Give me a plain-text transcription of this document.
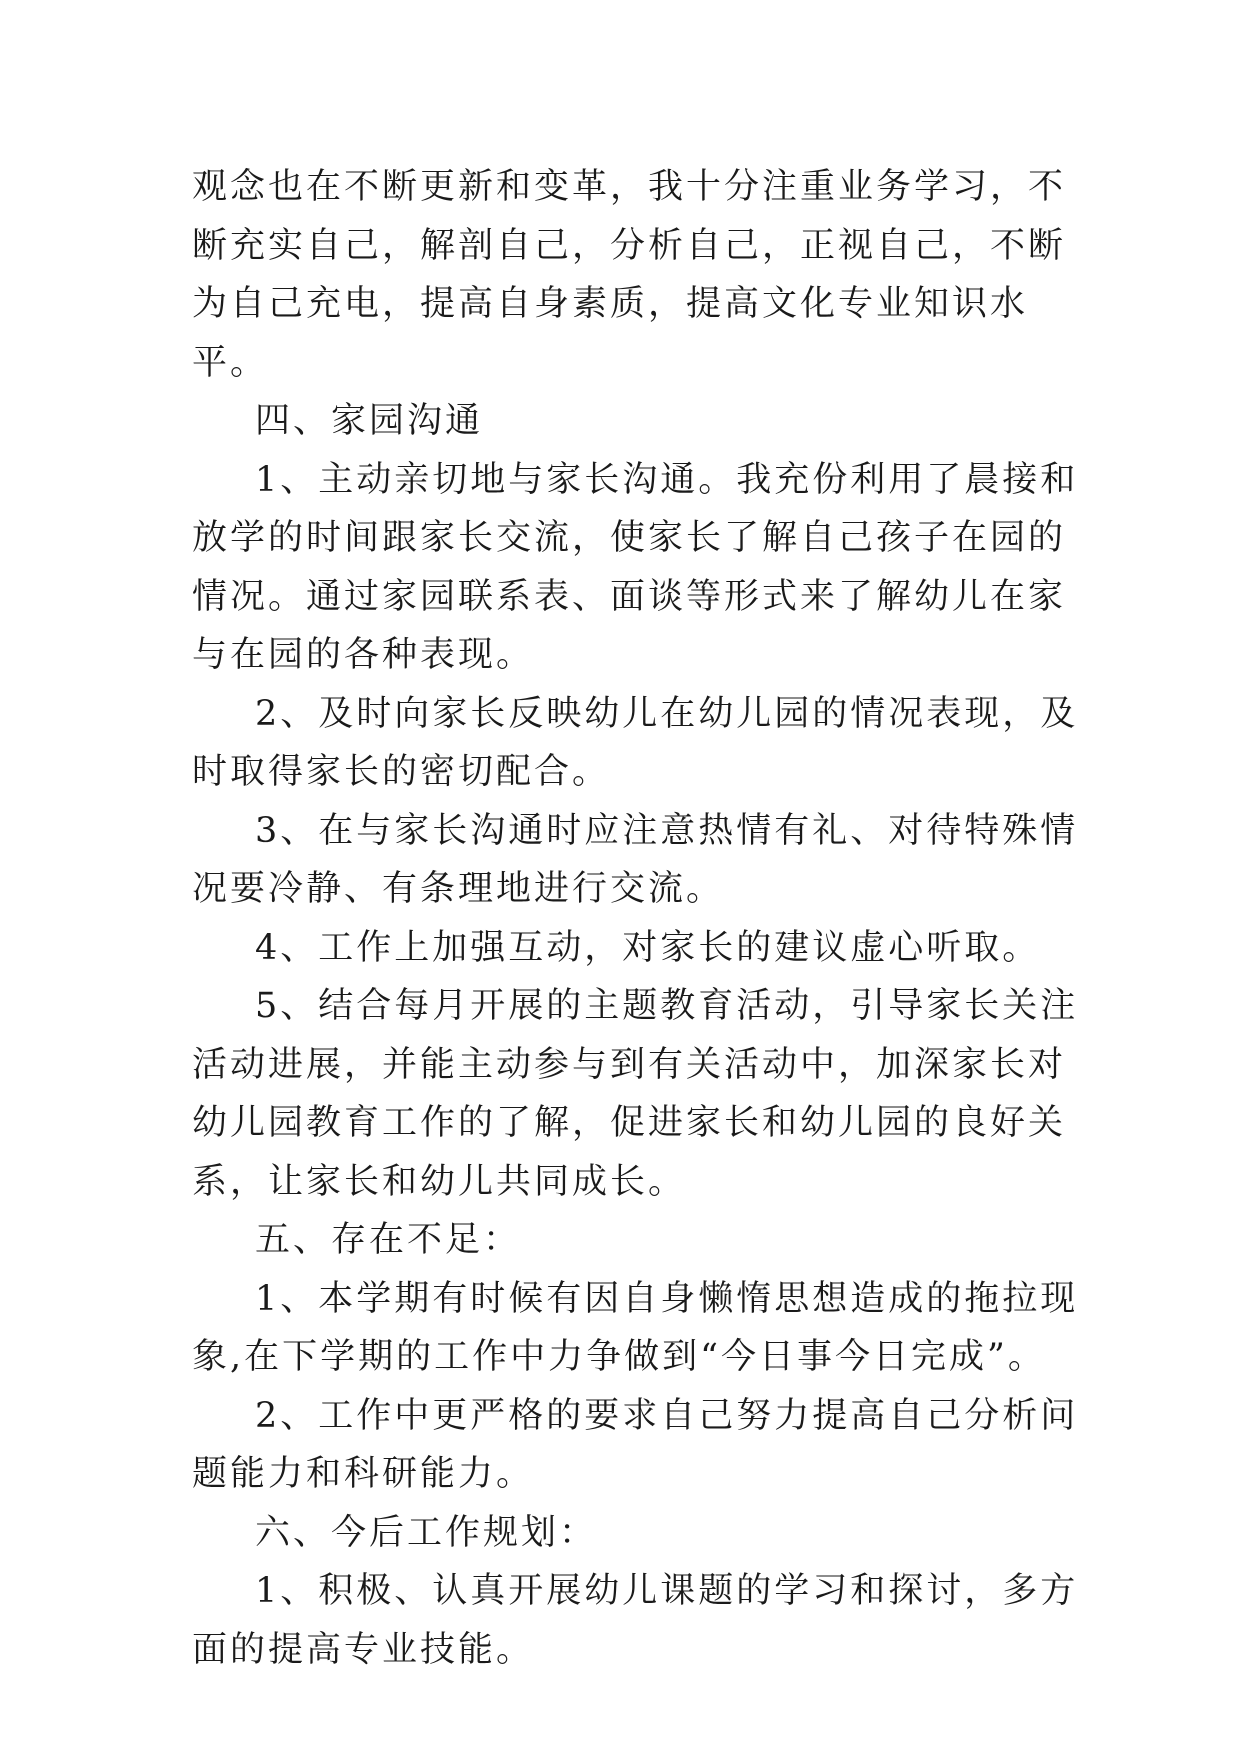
观念也在不断更新和变革，我十分注重业务学习，不断充实自己，解剖自己，分析自己，正视自己，不断为自己充电，提高自身素质，提高文化专业知识水平。

四、家园沟通

1、主动亲切地与家长沟通。我充份利用了晨接和放学的时间跟家长交流，使家长了解自己孩子在园的情况。通过家园联系表、面谈等形式来了解幼儿在家与在园的各种表现。

2、及时向家长反映幼儿在幼儿园的情况表现，及时取得家长的密切配合。

3、在与家长沟通时应注意热情有礼、对待特殊情况要冷静、有条理地进行交流。

4、工作上加强互动，对家长的建议虚心听取。

5、结合每月开展的主题教育活动，引导家长关注活动进展，并能主动参与到有关活动中，加深家长对幼儿园教育工作的了解，促进家长和幼儿园的良好关系，让家长和幼儿共同成长。

五、存在不足：

1、本学期有时候有因自身懒惰思想造成的拖拉现象,在下学期的工作中力争做到“今日事今日完成”。

2、工作中更严格的要求自己努力提高自己分析问题能力和科研能力。

六、今后工作规划：

1、积极、认真开展幼儿课题的学习和探讨，多方面的提高专业技能。
